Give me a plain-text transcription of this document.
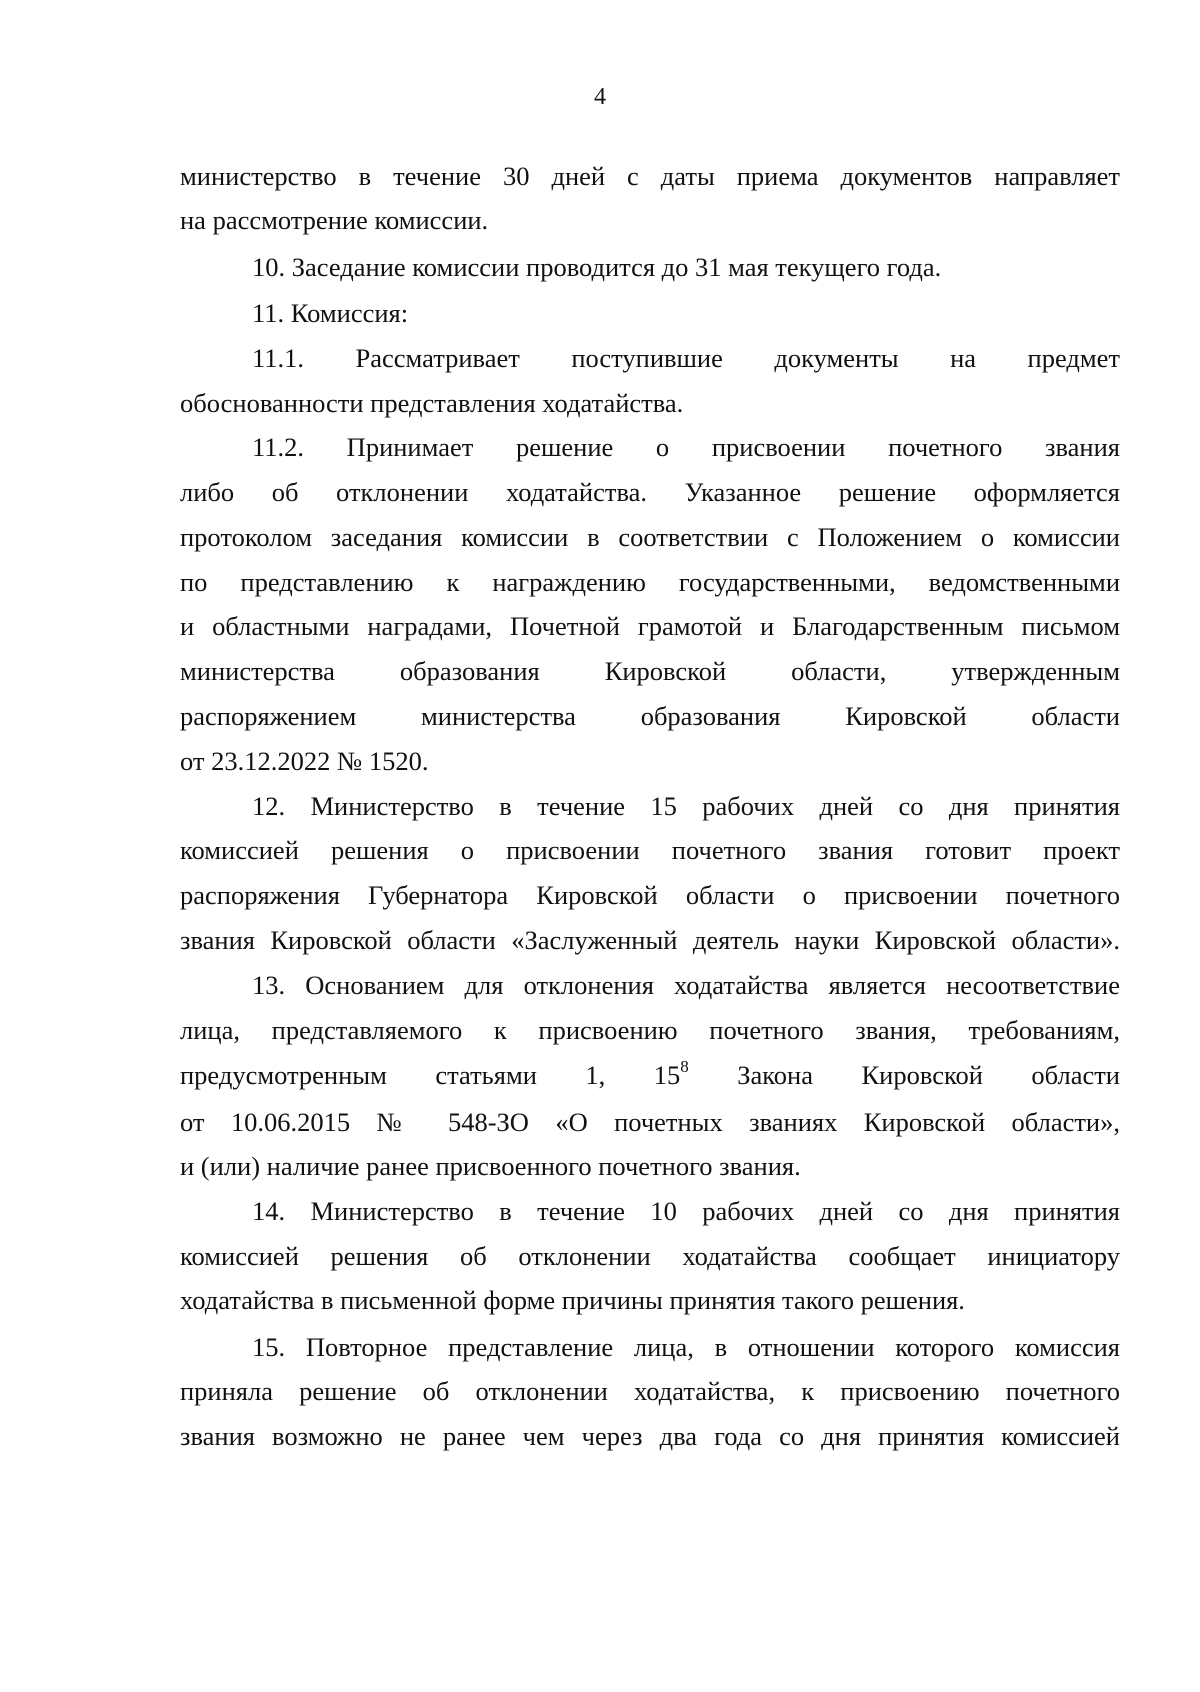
4
министерство в течение 30 дней с даты приема документов направляет
на рассмотрение комиссии.
10. Заседание комиссии проводится до 31 мая текущего года.
11. Комиссия:
11.1. Рассматривает поступившие документы на предмет
обоснованности представления ходатайства.
11.2. Принимает решение о присвоении почетного звания
либо об отклонении ходатайства. Указанное решение оформляется
протоколом заседания комиссии в соответствии с Положением о комиссии
по представлению к награждению государственными, ведомственными
и областными наградами, Почетной грамотой и Благодарственным письмом
министерства образования Кировской области, утвержденным
распоряжением министерства образования Кировской области
от 23.12.2022 № 1520.
12. Министерство в течение 15 рабочих дней со дня принятия
комиссией решения о присвоении почетного звания готовит проект
распоряжения Губернатора Кировской области о присвоении почетного
звания Кировской области «Заслуженный деятель науки Кировской области».
13. Основанием для отклонения ходатайства является несоответствие
лица, представляемого к присвоению почетного звания, требованиям,
предусмотренным статьями 1, $15^8$ Закона Кировской области
от 10.06.2015 № 548-ЗО «О почетных званиях Кировской области»,
и (или) наличие ранее присвоенного почетного звания.
14. Министерство в течение 10 рабочих дней со дня принятия
комиссией решения об отклонении ходатайства сообщает инициатору
ходатайства в письменной форме причины принятия такого решения.
15. Повторное представление лица, в отношении которого комиссия
приняла решение об отклонении ходатайства, к присвоению почетного
звания возможно не ранее чем через два года со дня принятия комиссией
